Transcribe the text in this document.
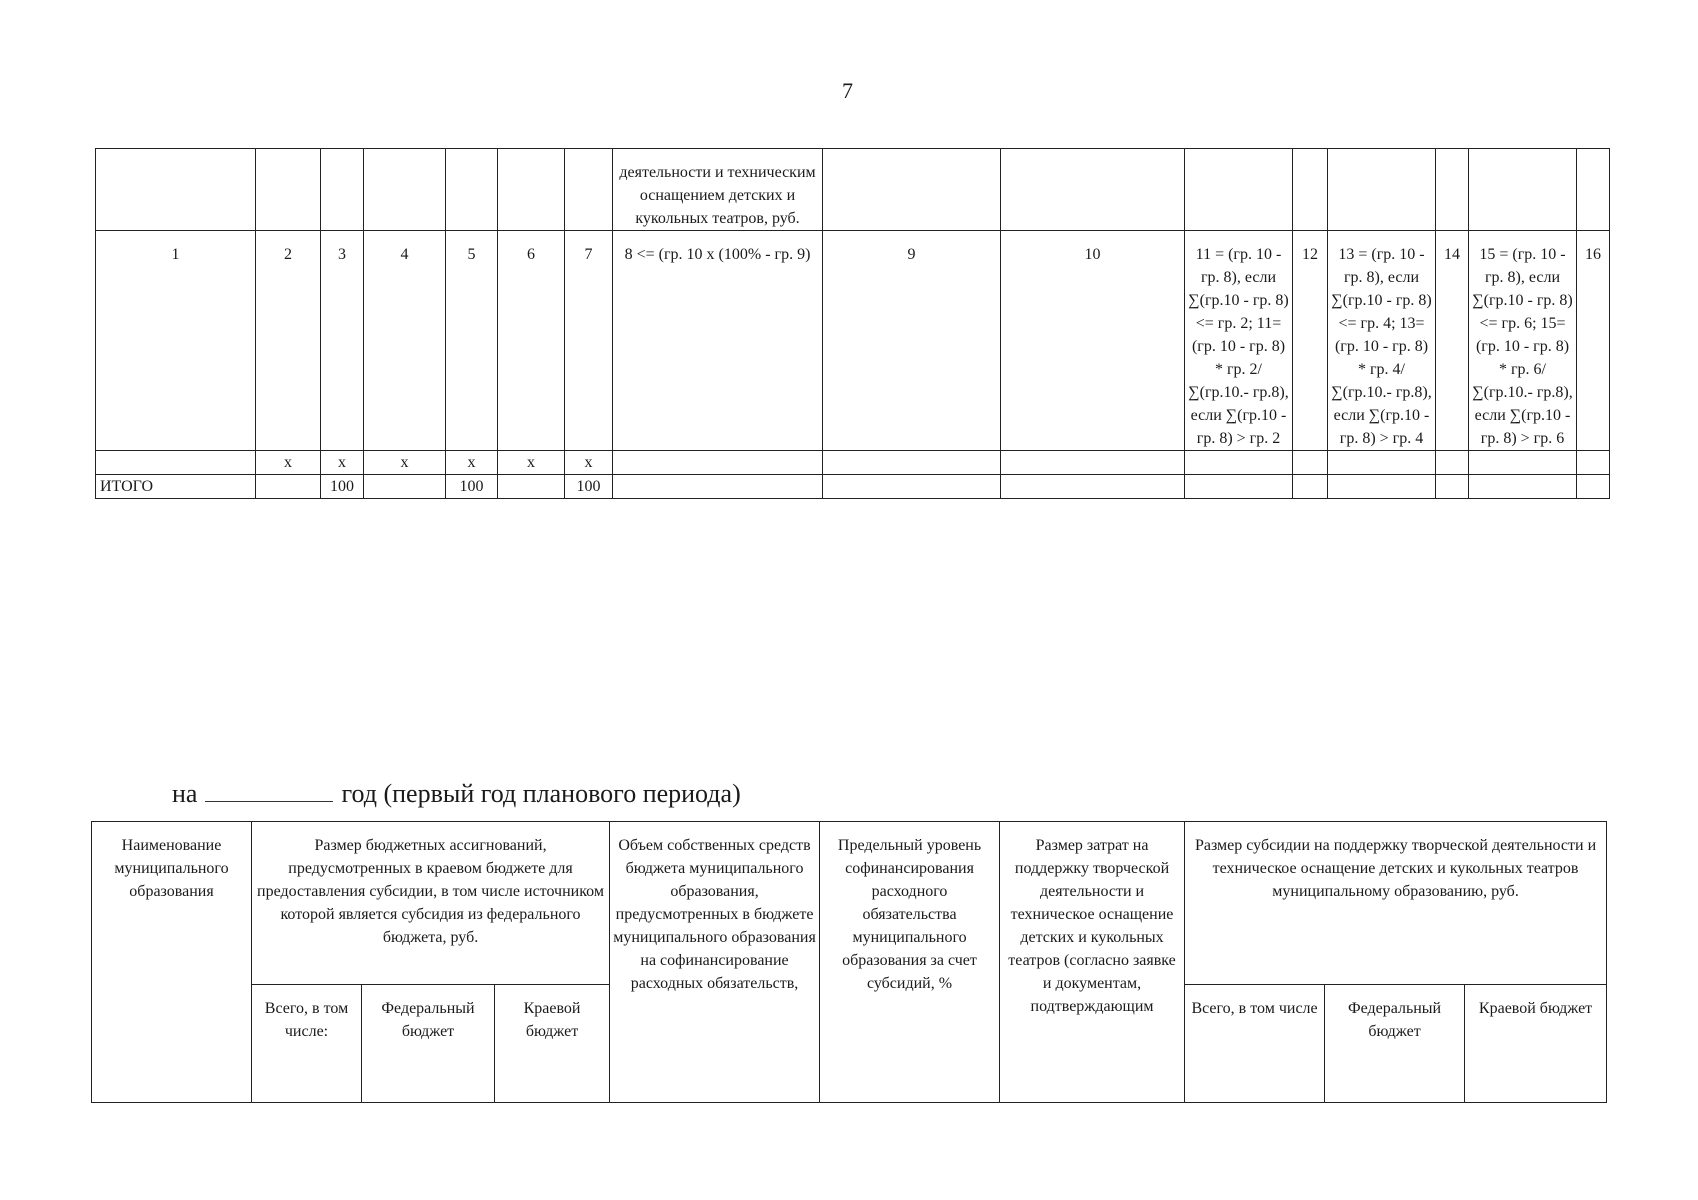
7
							деятельности и техническим оснащением детских и кукольных театров, руб.								
1	2	3	4	5	6	7	8 <= (гр. 10 х (100% - гр. 9)	9	10	11 = (гр. 10 - гр. 8), если ∑(гр.10 - гр. 8) <= гр. 2; 11= (гр. 10 - гр. 8) * гр. 2/ ∑(гр.10.- гр.8), если ∑(гр.10 - гр. 8) > гр. 2	12	13 = (гр. 10 - гр. 8), если ∑(гр.10 - гр. 8) <= гр. 4; 13= (гр. 10 - гр. 8) * гр. 4/ ∑(гр.10.- гр.8), если ∑(гр.10 - гр. 8) > гр. 4	14	15 = (гр. 10 - гр. 8), если ∑(гр.10 - гр. 8) <= гр. 6; 15= (гр. 10 - гр. 8) * гр. 6/ ∑(гр.10.- гр.8), если ∑(гр.10 - гр. 8) > гр. 6	16
	х	х	х	х	х	х									
ИТОГО		100		100		100									
на	год (первый год планового периода)
Наименование муниципального образования	Размер бюджетных ассигнований, предусмотренных в краевом бюджете для предоставления субсидии, в том числе источником которой является субсидия из федерального бюджета, руб.			Объем собственных средств бюджета муниципального образования, предусмотренных в бюджете муниципального образования на софинансирование расходных обязательств,	Предельный уровень софинансирования расходного обязательства муниципального образования за счет субсидий, %	Размер затрат на поддержку творческой деятельности и техническое оснащение детских и кукольных театров (согласно заявке и документам, подтверждающим	Размер субсидии на поддержку творческой деятельности и техническое оснащение детских и кукольных театров муниципальному образованию, руб.		
	Всего, в том числе:	Федеральный бюджет	Краевой бюджет				Всего, в том числе	Федеральный бюджет	Краевой бюджет
